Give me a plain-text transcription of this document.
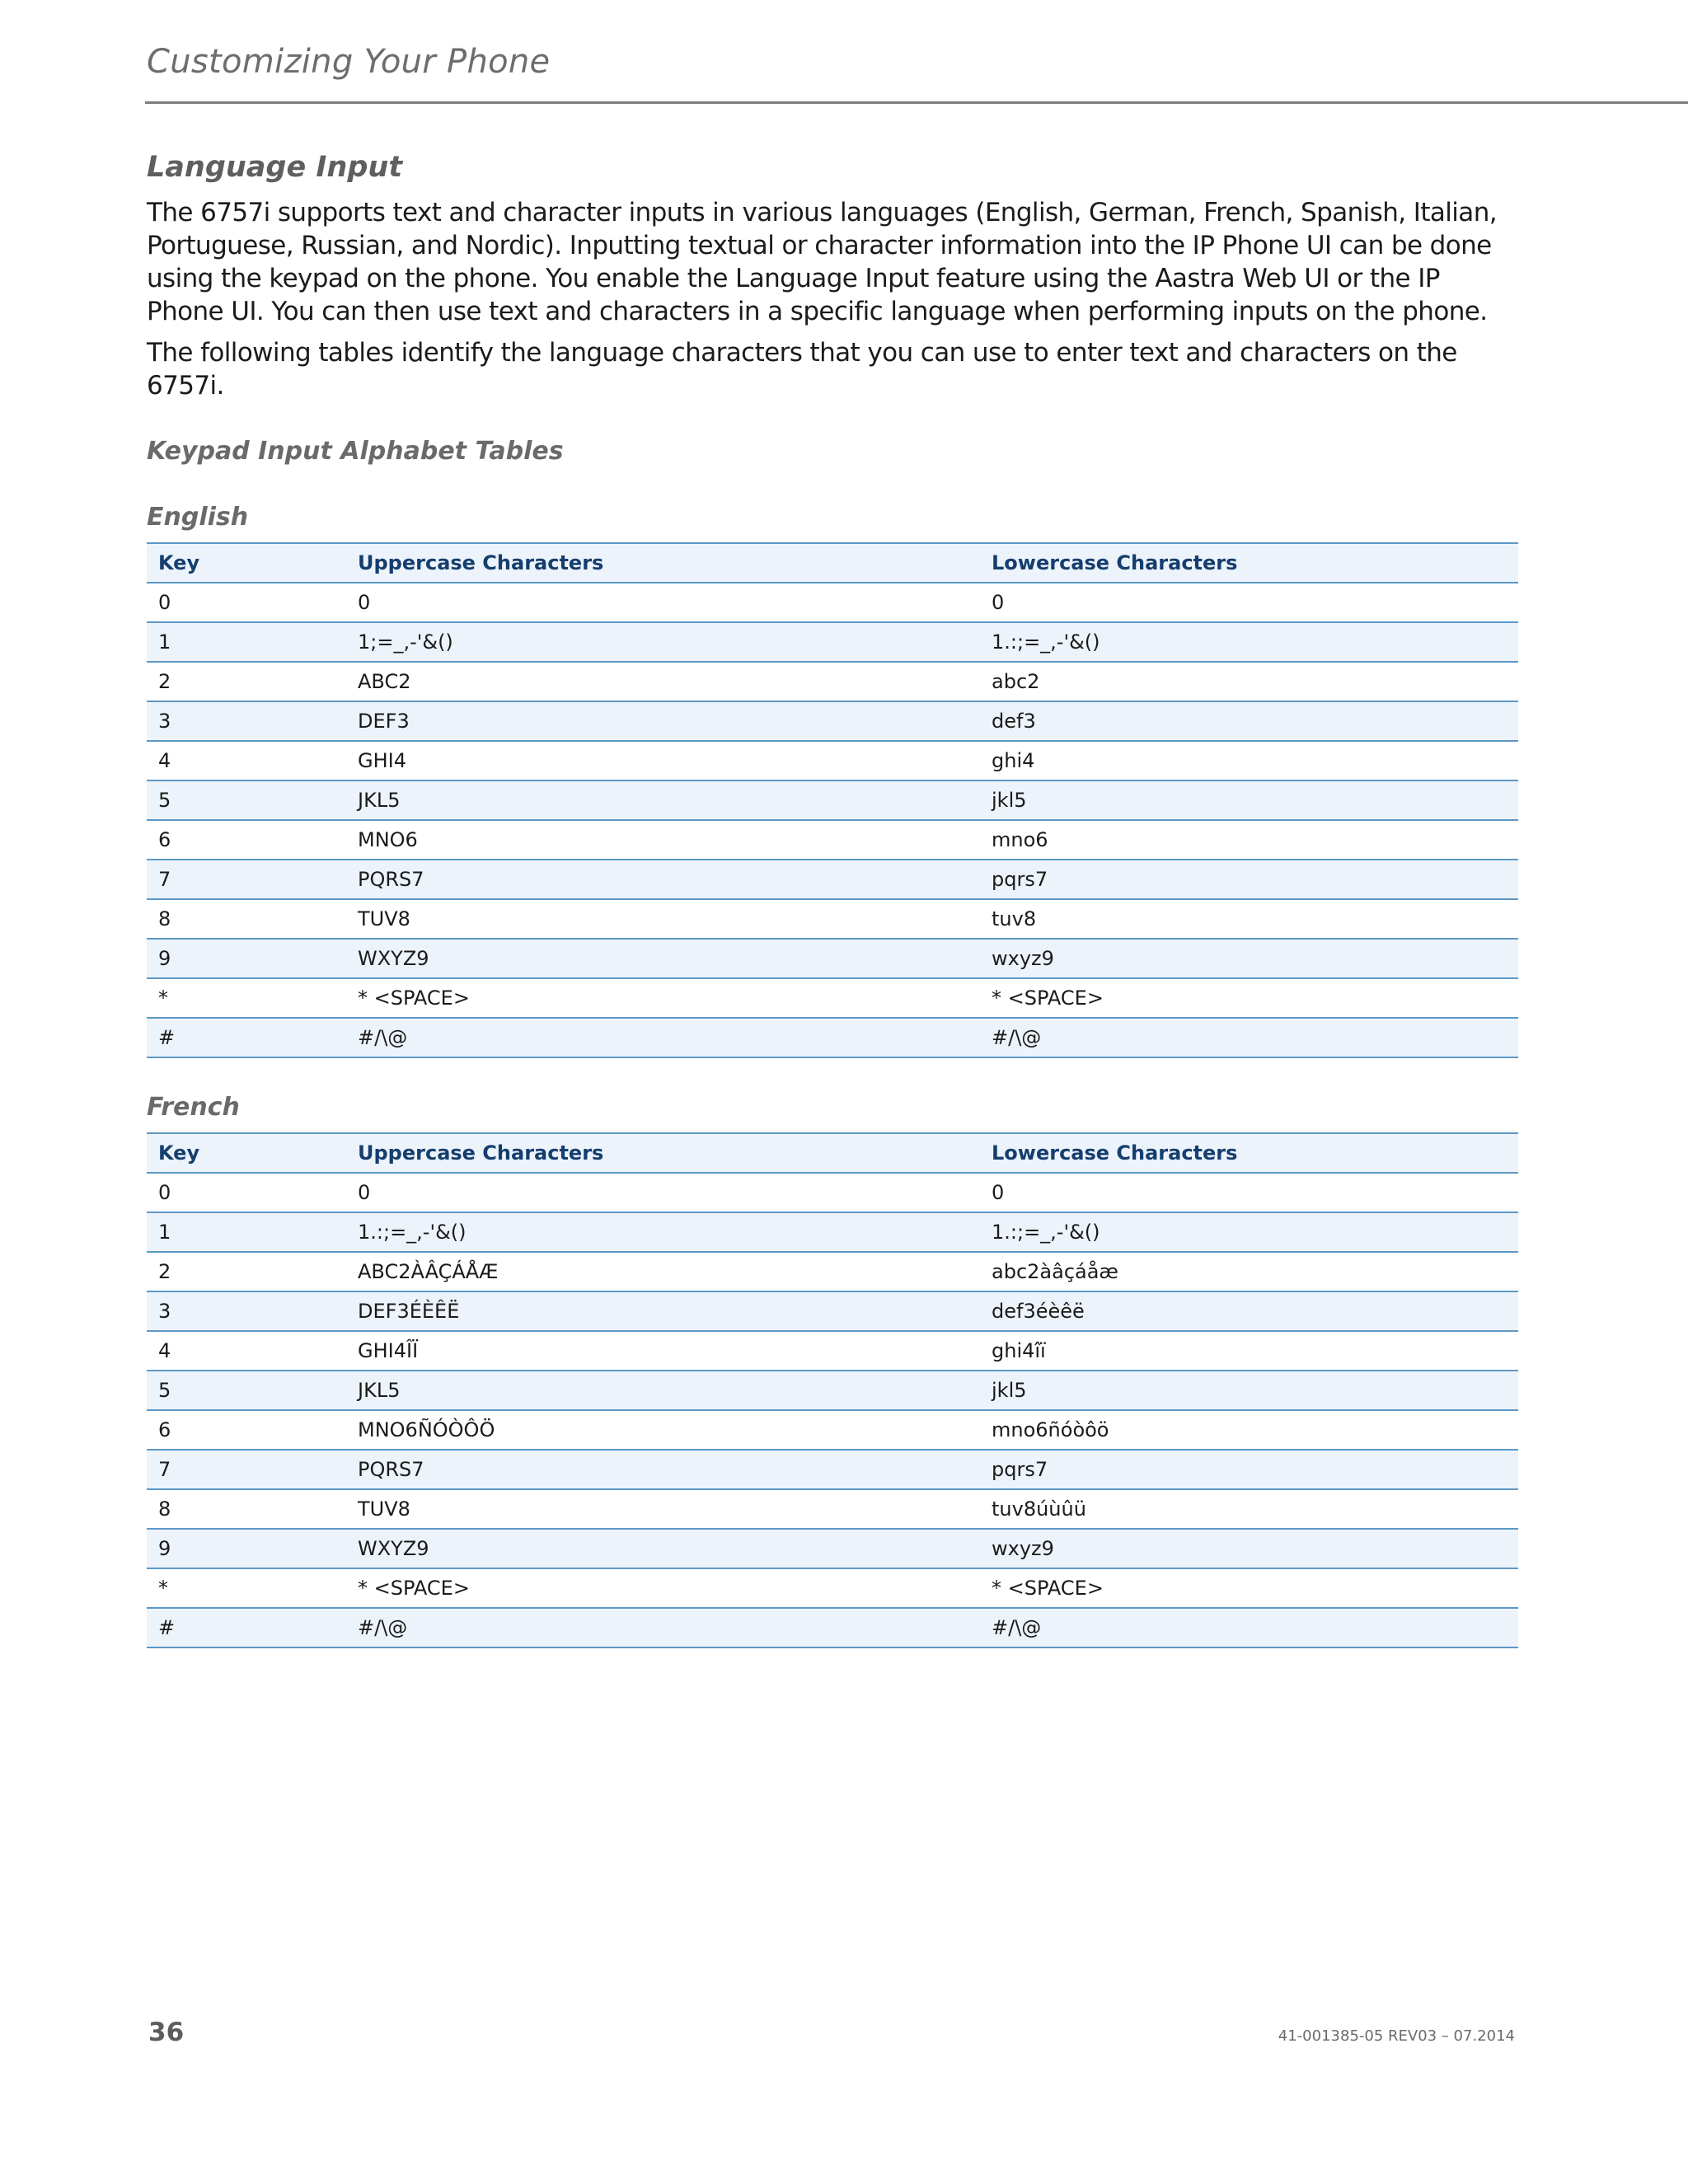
Customizing Your Phone
Language Input

The 6757i supports text and character inputs in various languages (English, German, French, Spanish, Italian, Portuguese, Russian, and Nordic). Inputting textual or character information into the IP Phone UI can be done using the keypad on the phone. You enable the Language Input feature using the Aastra Web UI or the IP Phone UI. You can then use text and characters in a specific language when performing inputs on the phone.

The following tables identify the language characters that you can use to enter text and characters on the 6757i.

Keypad Input Alphabet Tables
English
Key	Uppercase Characters	Lowercase Characters
0	0	0
1	1;=_,-'&()	1.:;=_,-'&()
2	ABC2	abc2
3	DEF3	def3
4	GHI4	ghi4
5	JKL5	jkl5
6	MNO6	mno6
7	PQRS7	pqrs7
8	TUV8	tuv8
9	WXYZ9	wxyz9
*	* <SPACE>	* <SPACE>
#	#/\@	#/\@
French
Key	Uppercase Characters	Lowercase Characters
0	0	0
1	1.:;=_,-'&()	1.:;=_,-'&()
2	ABC2ÀÂÇÁÅÆ	abc2àâçáåæ
3	DEF3ÉÈÊË	def3éèêë
4	GHI4ÎÏ	ghi4îï
5	JKL5	jkl5
6	MNO6ÑÓÒÔÖ	mno6ñóòôö
7	PQRS7	pqrs7
8	TUV8	tuv8úùûü
9	WXYZ9	wxyz9
*	* <SPACE>	* <SPACE>
#	#/\@	#/\@
36	41-001385-05 REV03 – 07.2014
